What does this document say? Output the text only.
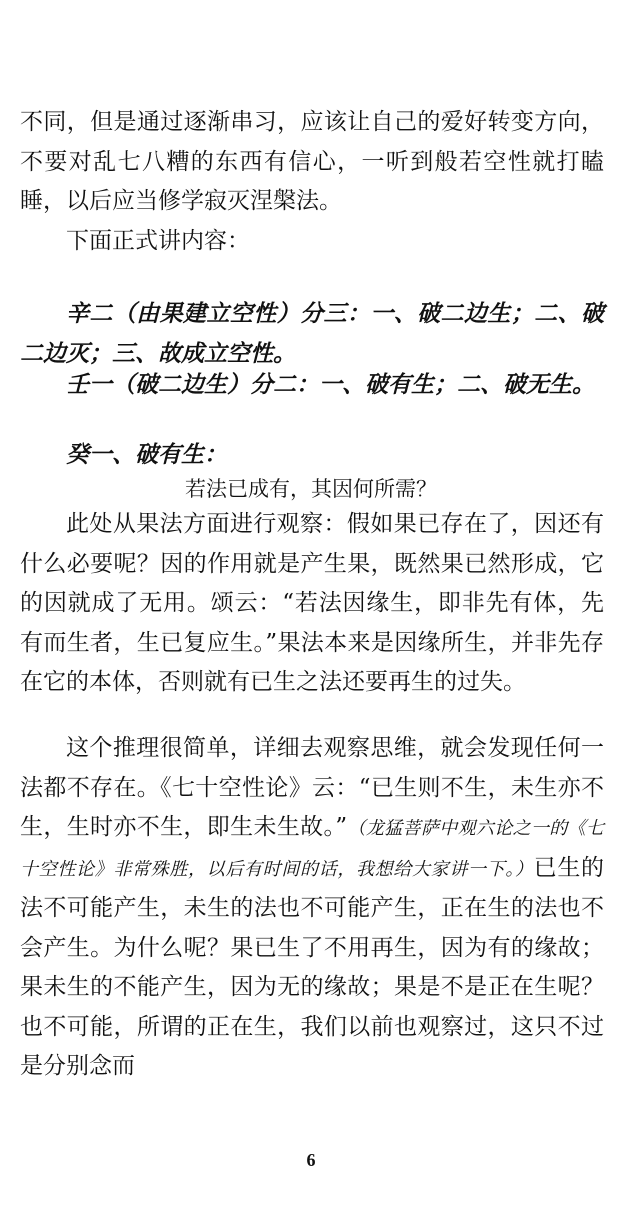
不同，但是通过逐渐串习，应该让自己的爱好转变方向，不要对乱七八糟的东西有信心，一听到般若空性就打瞌睡，以后应当修学寂灭涅槃法。

下面正式讲内容：

辛二（由果建立空性）分三：一、破二边生；二、破二边灭；三、故成立空性。

壬一（破二边生）分二：一、破有生；二、破无生。

癸一、破有生：

若法已成有，其因何所需？

此处从果法方面进行观察：假如果已存在了，因还有什么必要呢？因的作用就是产生果，既然果已然形成，它的因就成了无用。颂云：“若法因缘生，即非先有体，先有而生者，生已复应生。”果法本来是因缘所生，并非先存在它的本体，否则就有已生之法还要再生的过失。

这个推理很简单，详细去观察思维，就会发现任何一法都不存在。《七十空性论》云：“已生则不生，未生亦不生，生时亦不生，即生未生故。”（龙猛菩萨中观六论之一的《七十空性论》非常殊胜，以后有时间的话，我想给大家讲一下。）已生的法不可能产生，未生的法也不可能产生，正在生的法也不会产生。为什么呢？果已生了不用再生，因为有的缘故；果未生的不能产生，因为无的缘故；果是不是正在生呢？也不可能，所谓的正在生，我们以前也观察过，这只不过是分别念而

6
